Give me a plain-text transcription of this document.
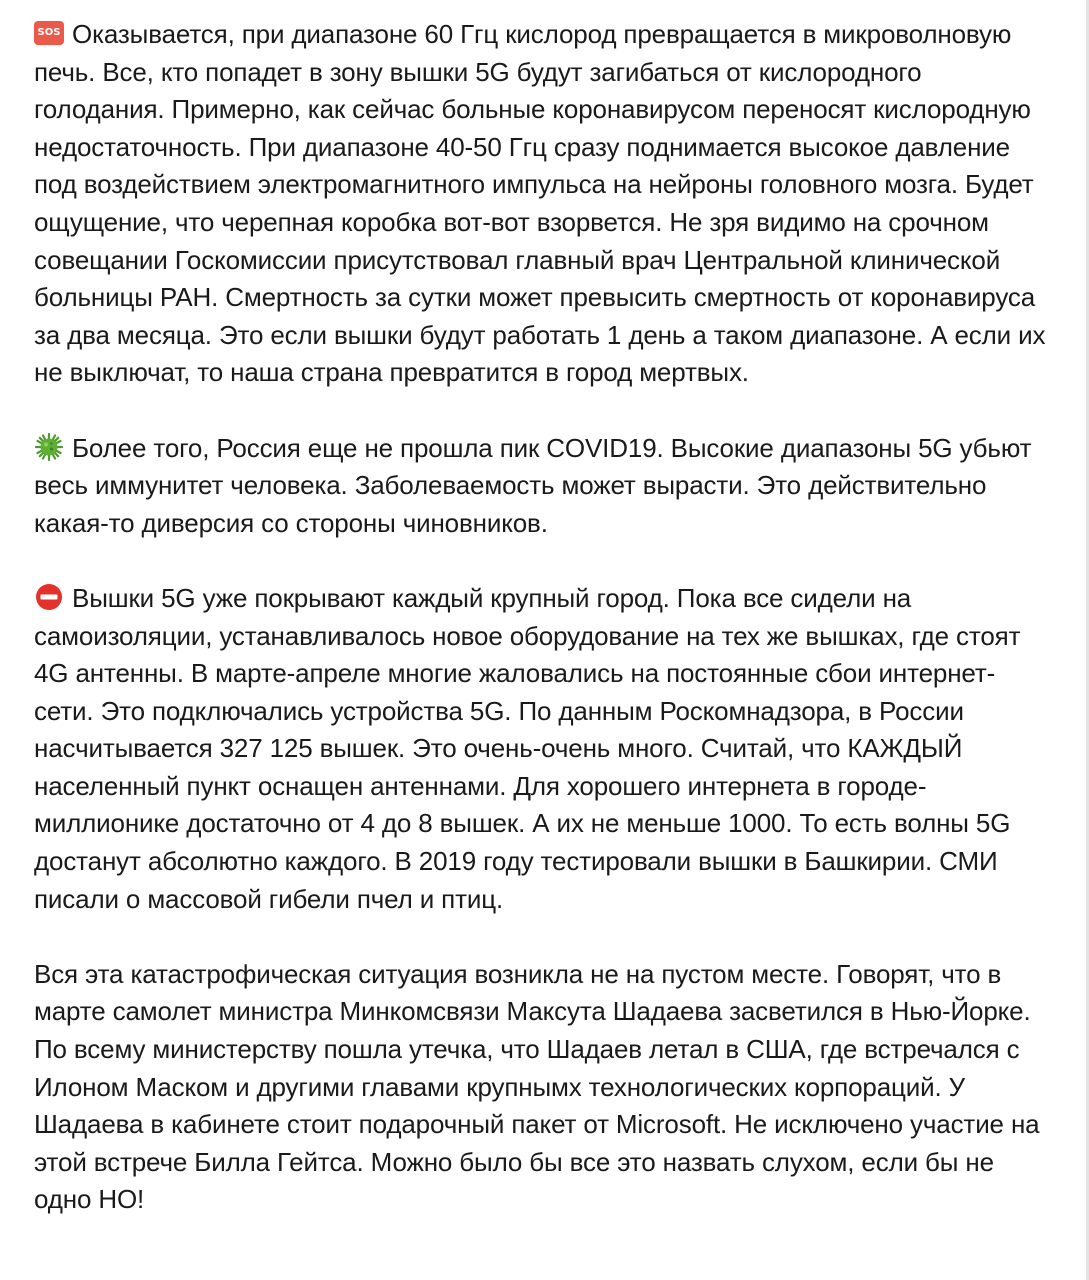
SOS Оказывается, при диапазоне 60 Ггц кислород превращается в микроволновую печь. Все, кто попадет в зону вышки 5G будут загибаться от кислородного голодания. Примерно, как сейчас больные коронавирусом переносят кислородную недостаточность. При диапазоне 40-50 Ггц сразу поднимается высокое давление под воздействием электромагнитного импульса на нейроны головного мозга. Будет ощущение, что черепная коробка вот-вот взорвется. Не зря видимо на срочном совещании Госкомиссии присутствовал главный врач Центральной клинической больницы РАН. Смертность за сутки может превысить смертность от коронавируса за два месяца. Это если вышки будут работать 1 день а таком диапазоне. А если их не выключат, то наша страна превратится в город мертвых.

Более того, Россия еще не прошла пик COVID19. Высокие диапазоны 5G убьют весь иммунитет человека. Заболеваемость может вырасти. Это действительно какая-то диверсия со стороны чиновников.

Вышки 5G уже покрывают каждый крупный город. Пока все сидели на самоизоляции, устанавливалось новое оборудование на тех же вышках, где стоят 4G антенны. В марте-апреле многие жаловались на постоянные сбои интернет-сети. Это подключались устройства 5G. По данным Роскомнадзора, в России насчитывается 327 125 вышек. Это очень-очень много. Считай, что КАЖДЫЙ населенный пункт оснащен антеннами. Для хорошего интернета в городе-миллионике достаточно от 4 до 8 вышек. А их не меньше 1000. То есть волны 5G достанут абсолютно каждого. В 2019 году тестировали вышки в Башкирии. СМИ писали о массовой гибели пчел и птиц.

Вся эта катастрофическая ситуация возникла не на пустом месте. Говорят, что в марте самолет министра Минкомсвязи Максута Шадаева засветился в Нью-Йорке. По всему министерству пошла утечка, что Шадаев летал в США, где встречался с Илоном Маском и другими главами крупнымх технологических корпораций. У Шадаева в кабинете стоит подарочный пакет от Microsoft. Не исключено участие на этой встрече Билла Гейтса. Можно было бы все это назвать слухом, если бы не одно НО!
